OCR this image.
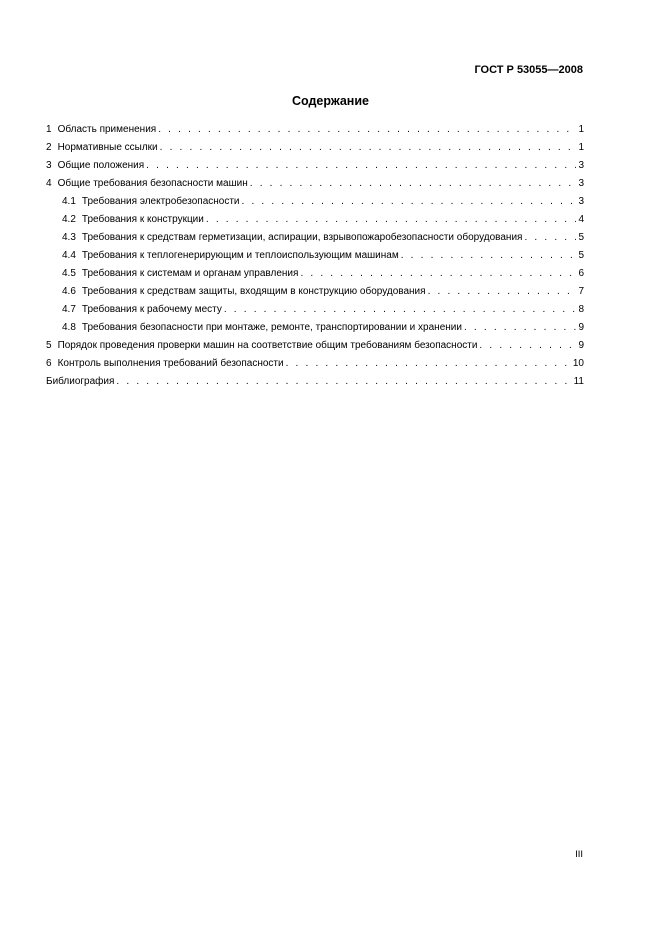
ГОСТ Р 53055—2008
Содержание
1 Область применения . . .	1
2 Нормативные ссылки . . .	1
3 Общие положения . . .	3
4 Общие требования безопасности машин . . .	3
4.1 Требования электробезопасности . . .	3
4.2 Требования к конструкции . . .	4
4.3 Требования к средствам герметизации, аспирации, взрывопожаробезопасности оборудования . . .	5
4.4 Требования к теплогенерирующим и теплоиспользующим машинам . . .	5
4.5 Требования к системам и органам управления . . .	6
4.6 Требования к средствам защиты, входящим в конструкцию оборудования . . .	7
4.7 Требования к рабочему месту . . .	8
4.8 Требования безопасности при монтаже, ремонте, транспортировании и хранении . . .	9
5 Порядок проведения проверки машин на соответствие общим требованиям безопасности . . .	9
6 Контроль выполнения требований безопасности . . .	10
Библиография . . .	11
III
